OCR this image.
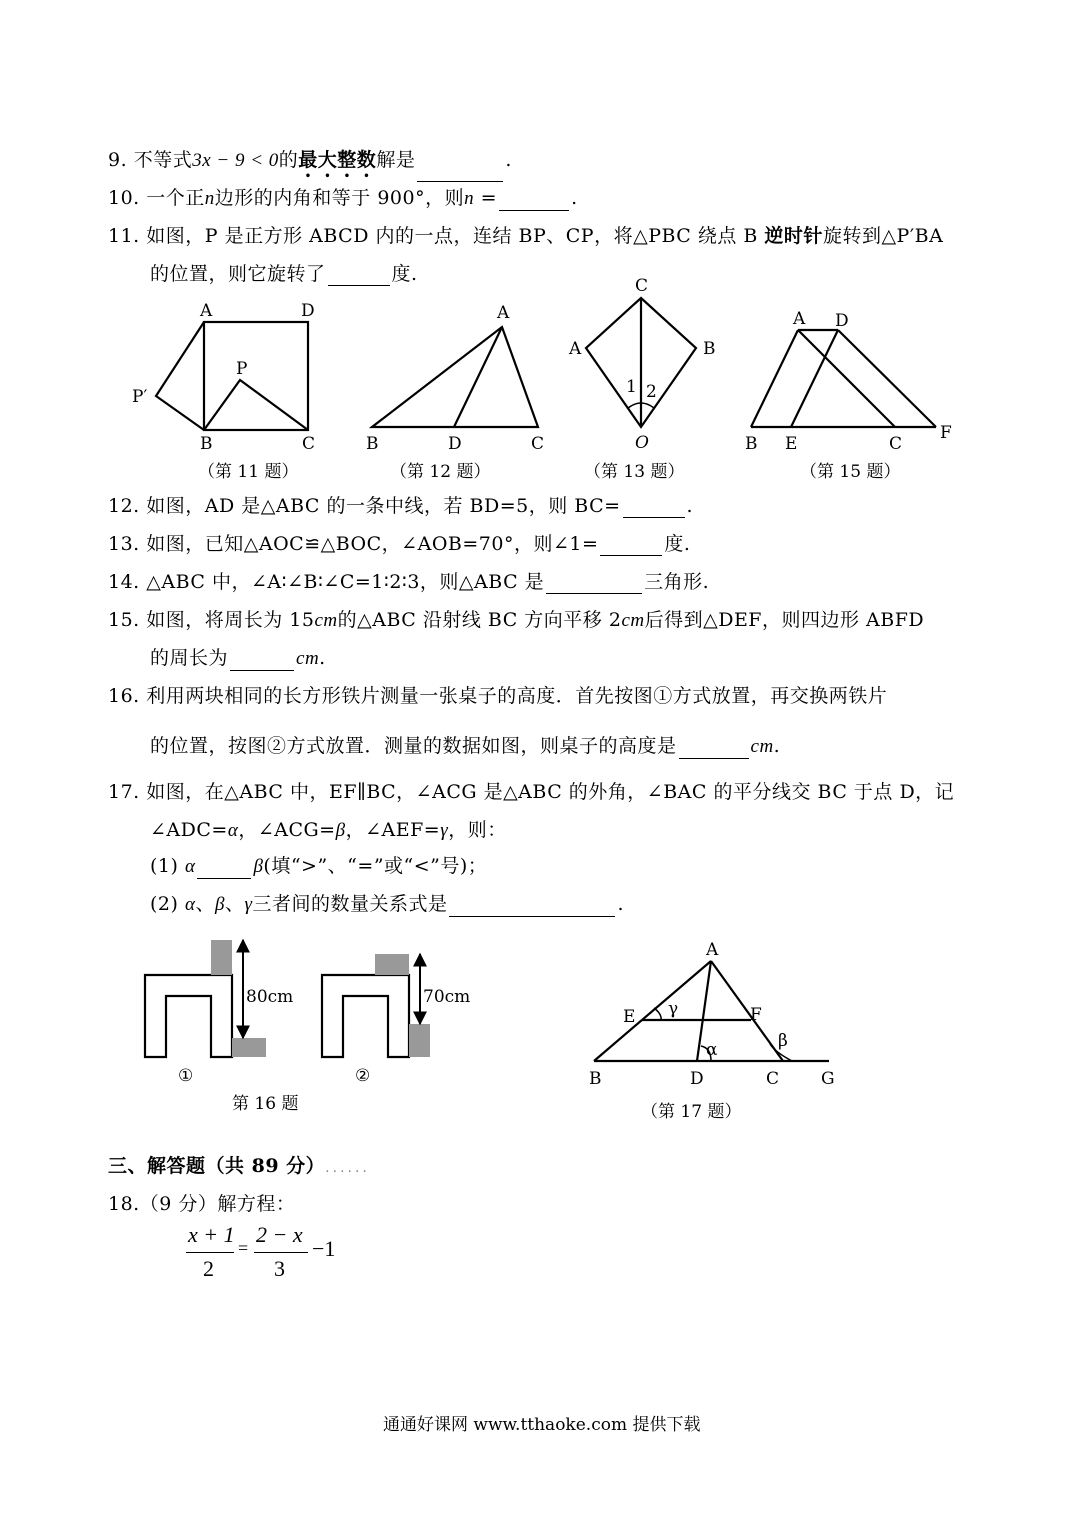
9. 不等式3x − 9 < 0的最大整数解是	.
10. 一个正n边形的内角和等于 900°，则n =	.
11. 如图，P 是正方形 ABCD 内的一点，连结 BP、CP，将△PBC 绕点 B 逆时针旋转到△P′BA
的位置，则它旋转了	度.
A	D
P
P′
B	C
（第 11 题）
A
B	D	C
（第 12 题）
C
A	B
O
1 2
（第 13 题）
A D
B E	C
F
（第 15 题）
12. 如图，AD 是△ABC 的一条中线，若 BD=5，则 BC=	.
13. 如图，已知△AOC≌△BOC，∠AOB=70°，则∠1=	度.
14. △ABC 中，∠A∶∠B∶∠C=1∶2∶3，则△ABC 是	三角形.
15. 如图，将周长为 15cm的△ABC 沿射线 BC 方向平移 2cm后得到△DEF，则四边形 ABFD
的周长为	cm.
16. 利用两块相同的长方形铁片测量一张桌子的高度．首先按图①方式放置，再交换两铁片
的位置，按图②方式放置．测量的数据如图，则桌子的高度是	cm.
17. 如图，在△ABC 中，EF∥BC，∠ACG 是△ABC 的外角，∠BAC 的平分线交 BC 于点 D，记
∠ADC=α，∠ACG=β，∠AEF=γ，则：
(1) α	β(填“>”、“=”或“<”号)；
(2) α、β、γ三者间的数量关系式是	.
80cm	70cm
①	②
第 16 题
A
E	F
B	D	C G
γ
α	β
（第 17 题）
三、解答题（共 89 分）......
18.（9 分）解方程：
x + 1
2
=
2 − x
3
−1
通通好课网 www.tthaoke.com 提供下载
